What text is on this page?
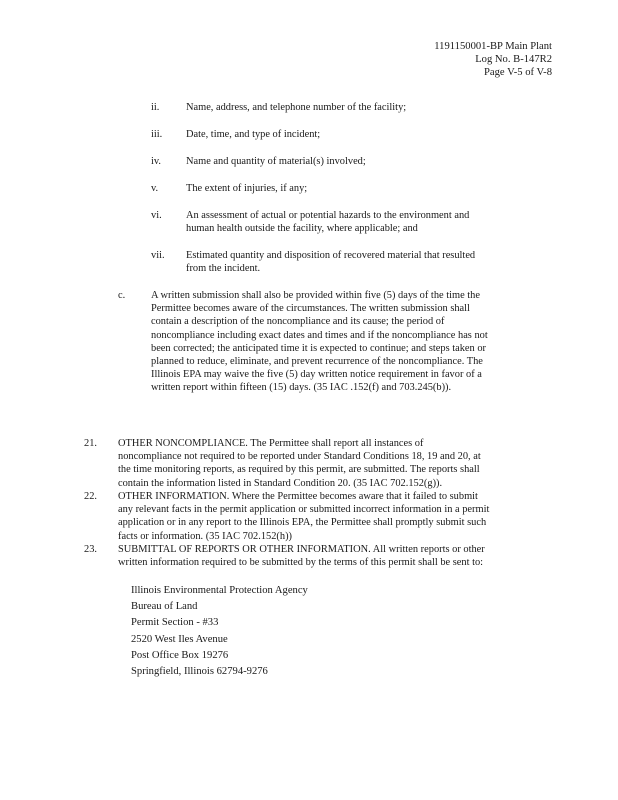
1191150001-BP Main Plant
Log No. B-147R2
Page V-5 of V-8
ii.	Name, address, and telephone number of the facility;

iii. Date, time, and type of incident;

iv. Name and quantity of material(s) involved;

v.	The extent of injuries, if any;

vi. An assessment of actual or potential hazards to the environment and

human health outside the facility, where applicable; and

vii. Estimated quantity and disposition of recovered material that resulted

from the incident.

c. A written submission shall also be provided within five (5) days of the time the

Permittee becomes aware of the circumstances. The written submission shall

contain a description of the noncompliance and its cause; the period of

noncompliance including exact dates and times and if the noncompliance has not

been corrected; the anticipated time it is expected to continue; and steps taken or

planned to reduce, eliminate, and prevent recurrence of the noncompliance. The

Illinois EPA may waive the five (5) day written notice requirement in favor of a

written report within fifteen (15) days. (35 IAC .152(f) and 703.245(b)).

21. OTHER NONCOMPLIANCE. The Permittee shall report all instances of

noncompliance not required to be reported under Standard Conditions 18, 19 and 20, at

the time monitoring reports, as required by this permit, are submitted. The reports shall

contain the information listed in Standard Condition 20. (35 IAC 702.152(g)).

22. OTHER INFORMATION. Where the Permittee becomes aware that it failed to submit

any relevant facts in the permit application or submitted incorrect information in a permit

application or in any report to the Illinois EPA, the Permittee shall promptly submit such

facts or information. (35 IAC 702.152(h))

23. SUBMITTAL OF REPORTS OR OTHER INFORMATION. All written reports or other

written information required to be submitted by the terms of this permit shall be sent to:

Illinois Environmental Protection Agency
Bureau of Land
Permit Section - #33
2520 West Iles Avenue
Post Office Box 19276
Springfield, Illinois 62794-9276
